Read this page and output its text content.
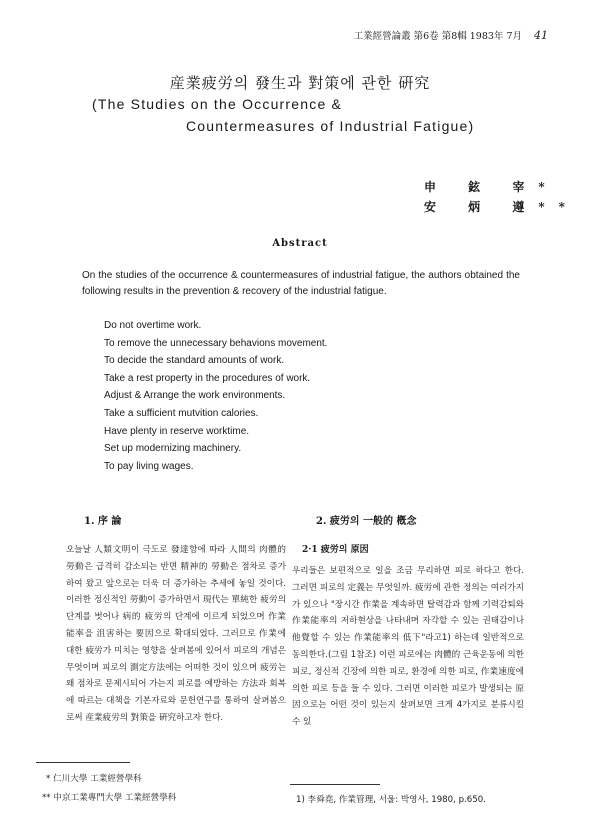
工業經營論叢 第6卷 第8輯 1983年 7月 41
産業疲労의 發生과 對策에 관한 硏究
(The Studies on the Occurrence &
Countermeasures of Industrial Fatigue)
申 鉉 宰*
安 炳 遵**
Abstract
On the studies of the occurrence & countermeasures of industrial fatigue, the authors obtained the following results in the prevention & recovery of the industrial fatigue.
Do not overtime work.
To remove the unnecessary behavions movement.
To decide the standard amounts of work.
Take a rest property in the procedures of work.
Adjust & Arrange the work environments.
Take a sufficient mutvition calories.
Have plenty in reserve worktime.
Set up modernizing machinery.
To pay living wages.
1. 序 論
오늘날 人類文明이 극도로 發達함에 따라 人間의 肉體的 勞動은 급격히 감소되는 반면 精神的 勞動은 점차로 증가하여 왔고 앞으로는 더욱 더 증가하는 추세에 놓일 것이다. 이러한 정신적인 勞動이 증가하면서 現代는 單純한 疲労의 단계를 벗어나 病的 疲労의 단계에 이르게 되었으며 作業能率을 沮害하는 要因으로 확대되었다. 그러므로 作業에 대한 疲労가 미치는 영향을 살펴봄에 있어서 피로의 개념은 무엇이며 피로의 測定方法에는 어떠한 것이 있으며 疲労는 왜 점차로 문제시되어 가는지 피로를 예방하는 方法과 회복에 따르는 대책을 기본자료와 문헌연구를 통하여 살펴봄으로써 産業疲労의 對策을 硏究하고자 한다.
2. 疲労의 一般的 槪念
2·1 疲労의 原因
우리들은 보편적으로 일을 조금 무리하면 피로 하다고 한다. 그러면 피로의 定義는 무엇일까. 疲労에 관한 정의는 여러가지가 있으나 "장시간 作業을 계속하면 탈력감과 함께 기력감퇴와 作業能率의 저하현상을 나타내며 자각할 수 있는 권태감이나 他覺할 수 있는 作業能率의 低下"라고1) 하는데 일반적으로 동의한다.(그림 1참조) 이런 피로에는 肉體的 근육운동에 의한 피로, 정신적 긴장에 의한 피로, 환경에 의한 피로, 作業速度에 의한 피로 등을 들 수 있다. 그러면 이러한 피로가 발생되는 原因으로는 어떤 것이 있는지 살펴보면 크게 4가지로 분류시킬수 있
* 仁川大學 工業經營學科
** 中京工業專門大學 工業經營學科	1) 李舜堯, 作業管理, 서울: 박영사, 1980, p.650.
